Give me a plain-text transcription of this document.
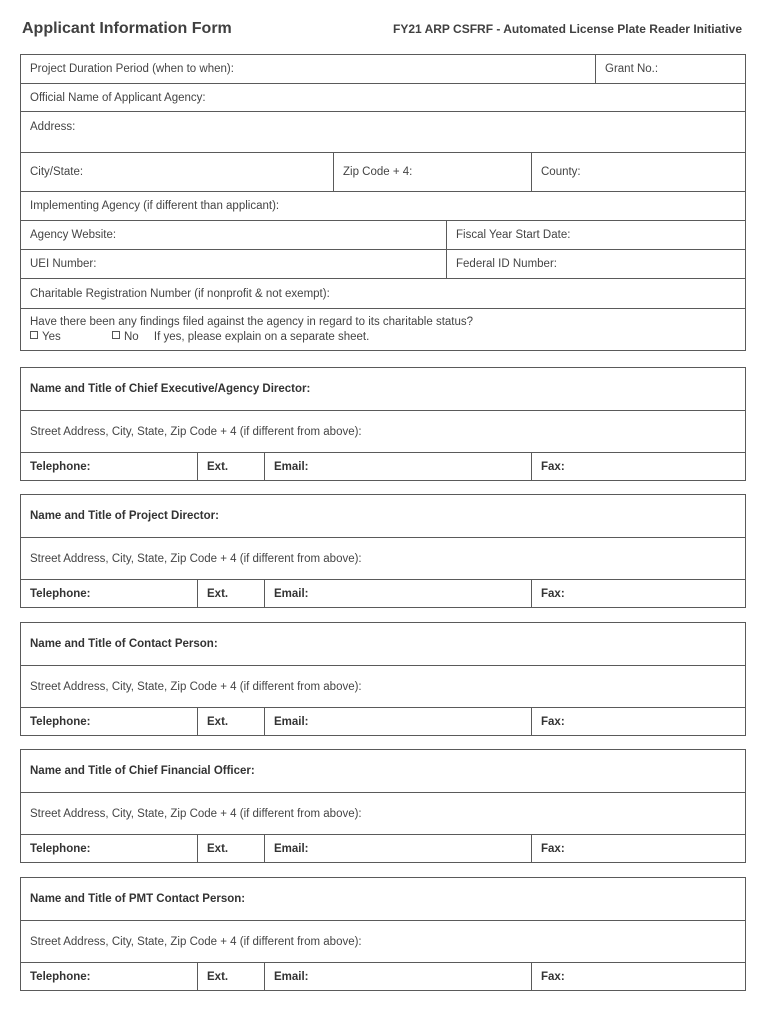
Applicant Information Form	FY21 ARP CSFRF - Automated License Plate Reader Initiative
Project Duration Period (when to when):	Grant No.:
Official Name of Applicant Agency:
Address:
City/State:	Zip Code + 4:	County:
Implementing Agency (if different than applicant):
Agency Website:	Fiscal Year Start Date:
UEI Number:	Federal ID Number:
Charitable Registration Number (if nonprofit & not exempt):
Have there been any findings filed against the agency in regard to its charitable status?
Yes	No If yes, please explain on a separate sheet.
Name and Title of Chief Executive/Agency Director:
Street Address, City, State, Zip Code + 4 (if different from above):
Telephone:	Ext.	Email:	Fax:
Name and Title of Project Director:
Street Address, City, State, Zip Code + 4 (if different from above):
Telephone:	Ext.	Email:	Fax:
Name and Title of Contact Person:
Street Address, City, State, Zip Code + 4 (if different from above):
Telephone:	Ext.	Email:	Fax:
Name and Title of Chief Financial Officer:
Street Address, City, State, Zip Code + 4 (if different from above):
Telephone:	Ext.	Email:	Fax:
Name and Title of PMT Contact Person:
Street Address, City, State, Zip Code + 4 (if different from above):
Telephone:	Ext.	Email:	Fax:
